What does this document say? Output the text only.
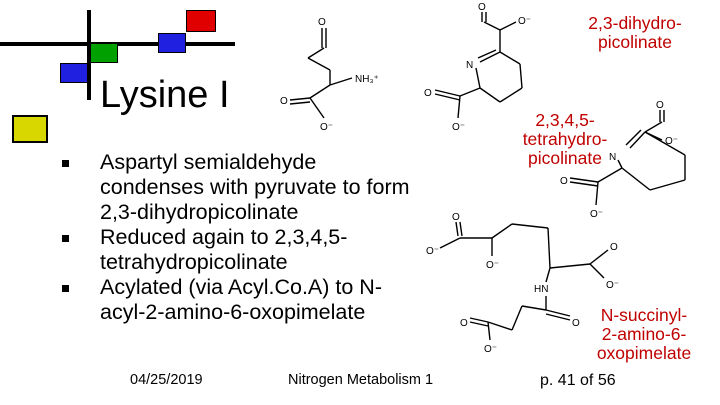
Lysine I
Aspartyl semialdehyde condenses with pyruvate to form 2,3-dihydropicolinate
Reduced again to 2,3,4,5-tetrahydropicolinate
Acylated (via Acyl.Co.A) to N-acyl-2-amino-6-oxopimelate
04/25/2019	Nitrogen Metabolism 1	p. 41 of 56
2,3-dihydro-
picolinate
2,3,4,5-
tetrahydro-
picolinate
N-succinyl-
2-amino-6-
oxopimelate
O
NH₃⁺
O
O⁻
O
O⁻
N
O
O⁻
O
O⁻
N
O
O⁻
O
O⁻
O⁻
O
O⁻
HN
O
O
O⁻
